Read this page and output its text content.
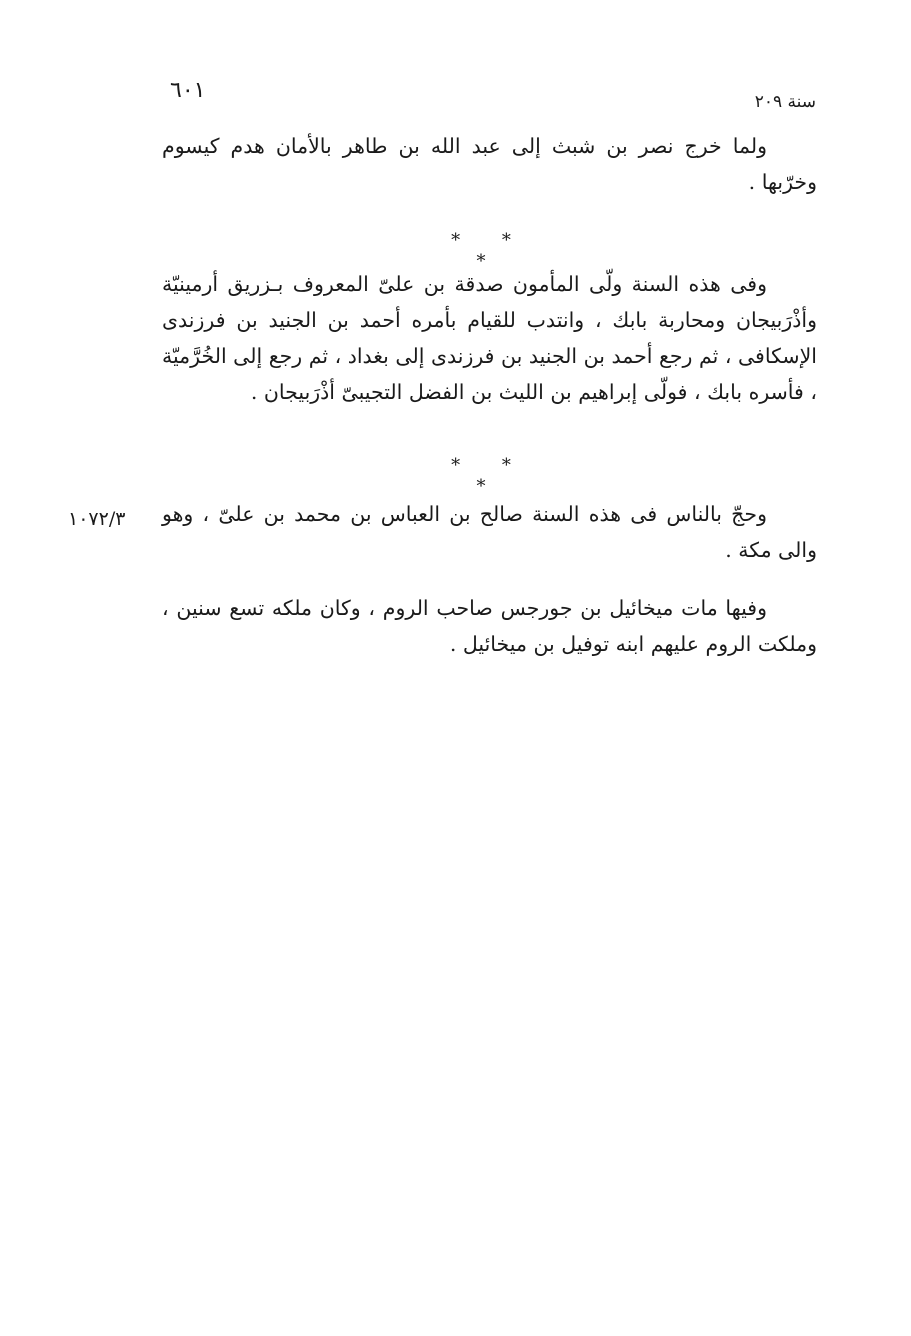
٦٠١	سنة ٢٠٩

ولما خرج نصر بن شبث إلى عبد الله بن طاهر بالأمان هدم كيسوم وخرّبها .

* * *

وفى هذه السنة ولّى المأمون صدقة بن علىّ المعروف بـزريق أرمينيّة وأذْرَبيجان ومحاربة بابك ، وانتدب للقيام بأمره أحمد بن الجنيد بن فرزندى الإسكافى ، ثم رجع أحمد بن الجنيد بن فرزندى إلى بغداد ، ثم رجع إلى الخُرَّميّة ، فأسره بابك ، فولّى إبراهيم بن الليث بن الفضل التجيبىّ أذْرَبيجان .

* * *
١٠٧٢/٣ وحجّ بالناس فى هذه السنة صالح بن العباس بن محمد بن علىّ ، وهو والى مكة .

وفيها مات ميخائيل بن جورجس صاحب الروم ، وكان ملكه تسع سنين ، وملكت الروم عليهم ابنه توفيل بن ميخائيل .
